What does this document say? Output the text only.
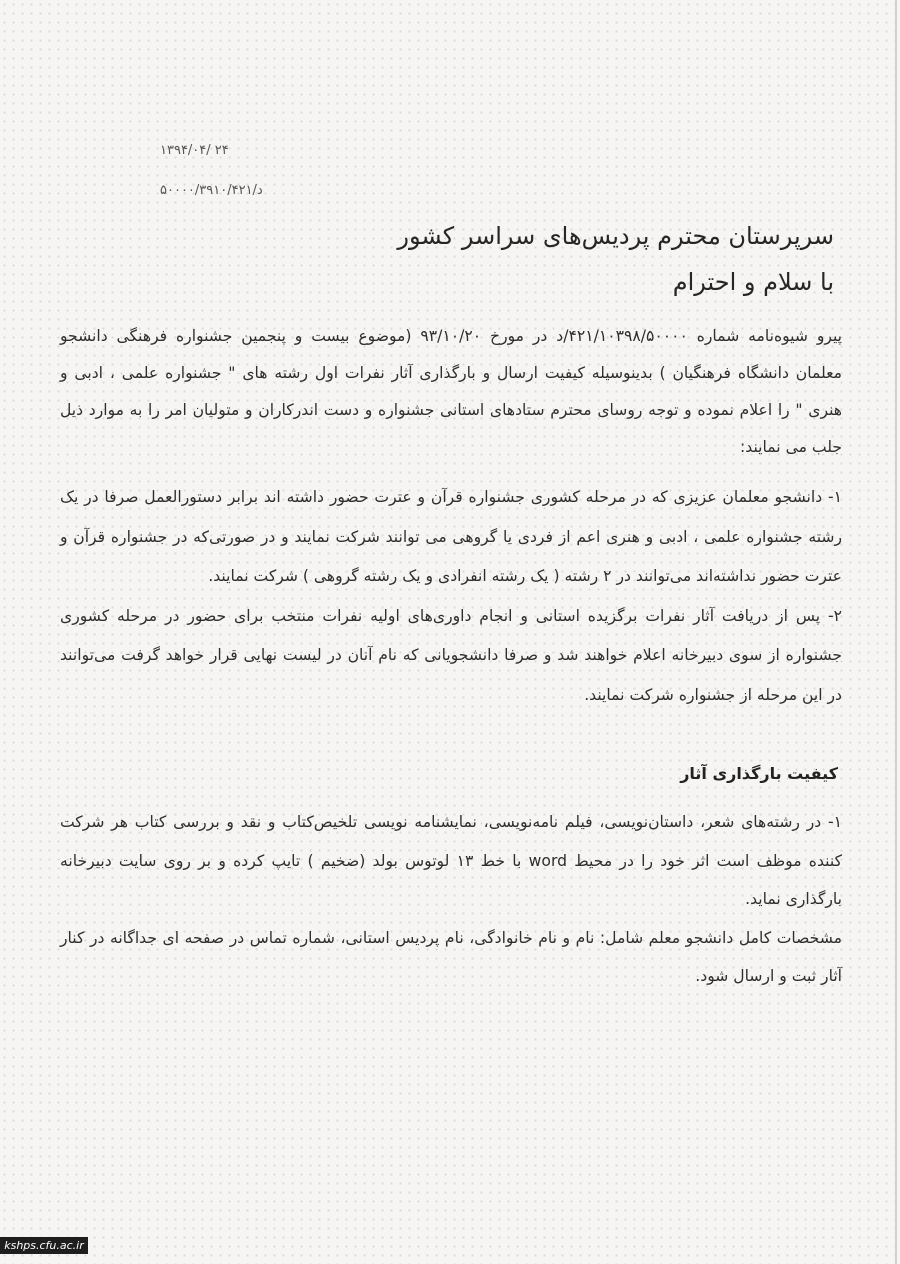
۱۳۹۴/۰۴/ ۲۴
۵۰۰۰۰/۳۹۱۰/۴۲۱/د
سرپرستان محترم پردیس‌های سراسر کشور
با سلام و احترام

پیرو شیوه‌نامه شماره ۴۲۱/۱۰۳۹۸/۵۰۰۰۰/د در مورخ ۹۳/۱۰/۲۰ (موضوع بیست و پنجمین جشنواره فرهنگی دانشجو معلمان دانشگاه فرهنگیان ) بدینوسیله کیفیت ارسال و بارگذاری آثار نفرات اول رشته های " جشنواره علمی ، ادبی و هنری " را اعلام نموده و توجه روسای محترم ستادهای استانی جشنواره و دست اندرکاران و متولیان امر را به موارد ذیل جلب می نمایند:

۱- دانشجو معلمان عزیزی که در مرحله کشوری جشنواره قرآن و عترت حضور داشته اند برابر دستورالعمل صرفا در یک رشته جشنواره علمی ، ادبی و هنری اعم از فردی یا گروهی می توانند شرکت نمایند و در صورتی‌که در جشنواره قرآن و عترت حضور نداشته‌اند می‌توانند در ۲ رشته ( یک رشته انفرادی و یک رشته گروهی ) شرکت نمایند.

۲- پس از دریافت آثار نفرات برگزیده استانی و انجام داوری‌های اولیه نفرات منتخب برای حضور در مرحله کشوری جشنواره از سوی دبیرخانه اعلام خواهند شد و صرفا دانشجویانی که نام آنان در لیست نهایی قرار خواهد گرفت می‌توانند در این مرحله از جشنواره شرکت نمایند.

کیفیت بارگذاری آثار

۱- در رشته‌های شعر، داستان‌نویسی، فیلم نامه‌نویسی، نمایشنامه نویسی تلخیص‌کتاب و نقد و بررسی کتاب هر شرکت کننده موظف است اثر خود را در محیط word با خط ۱۳ لوتوس بولد (ضخیم ) تایپ کرده و بر روی سایت دبیرخانه بارگذاری نماید.

مشخصات کامل دانشجو معلم شامل: نام و نام خانوادگی، نام پردیس استانی، شماره تماس در صفحه ای جداگانه در کنار آثار ثبت و ارسال شود.

kshps.cfu.ac.ir
